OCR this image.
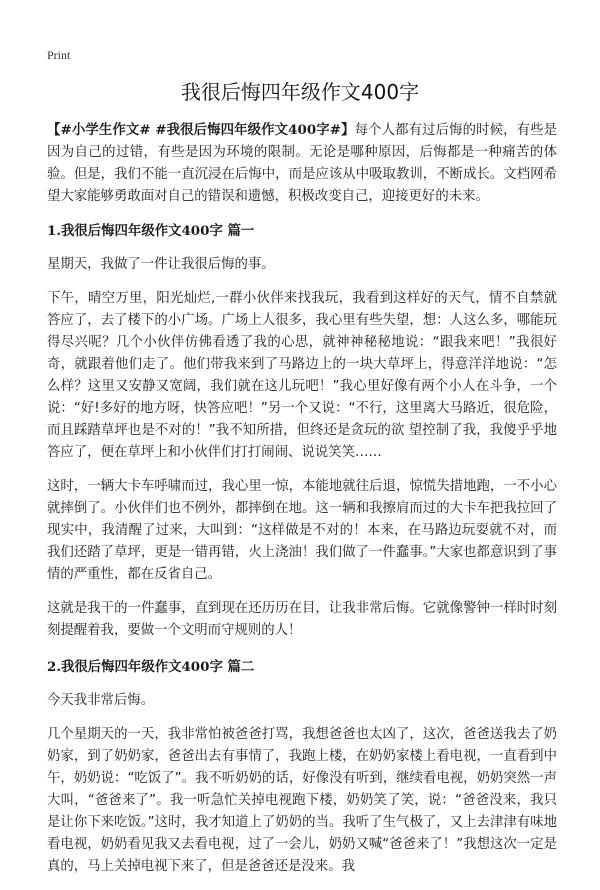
Print
我很后悔四年级作文400字

【#小学生作文# #我很后悔四年级作文400字#】每个人都有过后悔的时候，有些是因为自己的过错，有些是因为环境的限制。无论是哪种原因，后悔都是一种痛苦的体验。但是，我们不能一直沉浸在后悔中，而是应该从中吸取教训，不断成长。文档网希望大家能够勇敢面对自己的错误和遗憾，积极改变自己，迎接更好的未来。

1.我很后悔四年级作文400字 篇一

星期天，我做了一件让我很后悔的事。

下午，晴空万里，阳光灿烂,一群小伙伴来找我玩，我看到这样好的天气，情不自禁就答应了，去了楼下的小广场。广场上人很多，我心里有些失望，想：人这么多，哪能玩得尽兴呢？几个小伙伴仿佛看透了我的心思，就神神秘秘地说：“跟我来吧！”我很好奇，就跟着他们走了。他们带我来到了马路边上的一块大草坪上，得意洋洋地说：“怎么样？这里又安静又宽阔，我们就在这儿玩吧！”我心里好像有两个小人在斗争，一个说：“好!多好的地方呀，快答应吧！”另一个又说：“不行，这里离大马路近，很危险，而且踩踏草坪也是不对的！”我不知所措，但终还是贪玩的欲 望控制了我，我傻乎乎地答应了，便在草坪上和小伙伴们打打闹闹、说说笑笑……

这时，一辆大卡车呼啸而过，我心里一惊，本能地就往后退，惊慌失措地跑，一不小心就摔倒了。小伙伴们也不例外，都摔倒在地。这一辆和我擦肩而过的大卡车把我拉回了现实中，我清醒了过来，大叫到：“这样做是不对的！本来，在马路边玩耍就不对，而我们还踏了草坪，更是一错再错，火上浇油！我们做了一件蠢事。”大家也都意识到了事情的严重性，都在反省自己。

这就是我干的一件蠢事，直到现在还历历在目，让我非常后悔。它就像警钟一样时时刻刻提醒着我，要做一个文明而守规则的人！

2.我很后悔四年级作文400字 篇二

今天我非常后悔。

几个星期天的一天，我非常怕被爸爸打骂，我想爸爸也太凶了，这次，爸爸送我去了奶奶家，到了奶奶家，爸爸出去有事情了，我跑上楼，在奶奶家楼上看电视，一直看到中午，奶奶说：“吃饭了”。我不听奶奶的话，好像没有听到，继续看电视，奶奶突然一声大叫，“爸爸来了”。我一听急忙关掉电视跑下楼，奶奶笑了笑，说：“爸爸没来，我只是让你下来吃饭。”这时，我才知道上了奶奶的当。我听了生气极了，又上去津津有味地看电视，奶奶看见我又去看电视，过了一会儿，奶奶又喊“爸爸来了！”我想这次一定是真的，马上关掉电视下来了，但是爸爸还是没来。我
